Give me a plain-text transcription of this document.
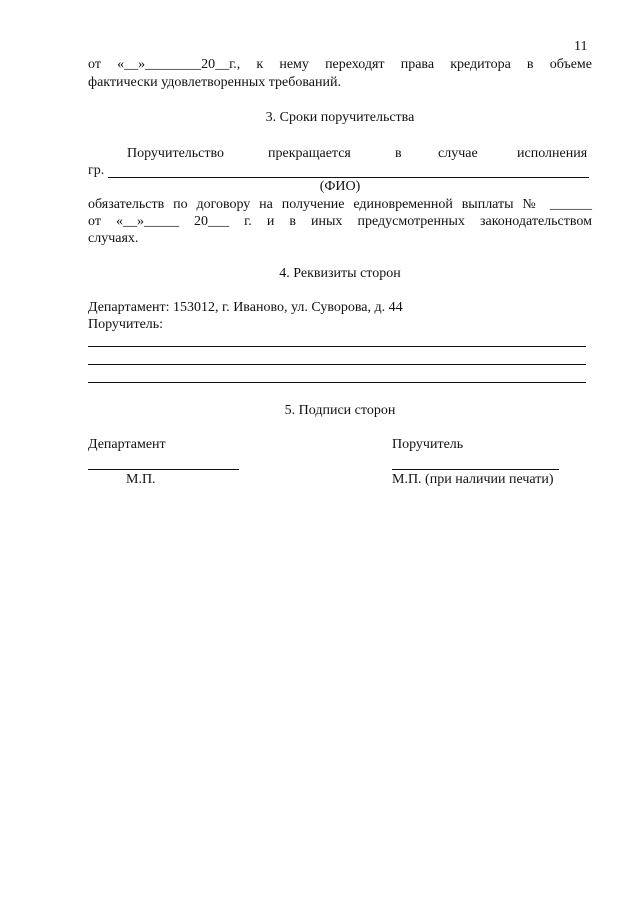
11
от «__»________20__г., к нему переходят права кредитора в объеме
фактически удовлетворенных требований.
3. Сроки поручительства
Поручительство	прекращается	в	случае	исполнения
гр.
(ФИО)
обязательств по договору на получение единовременной выплаты № ______
от «__»_____ 20___ г. и в иных предусмотренных законодательством
случаях.
4. Реквизиты сторон
Департамент: 153012, г. Иваново, ул. Суворова, д. 44
Поручитель:
5. Подписи сторон
Департамент	Поручитель
М.П.	М.П. (при наличии печати)
